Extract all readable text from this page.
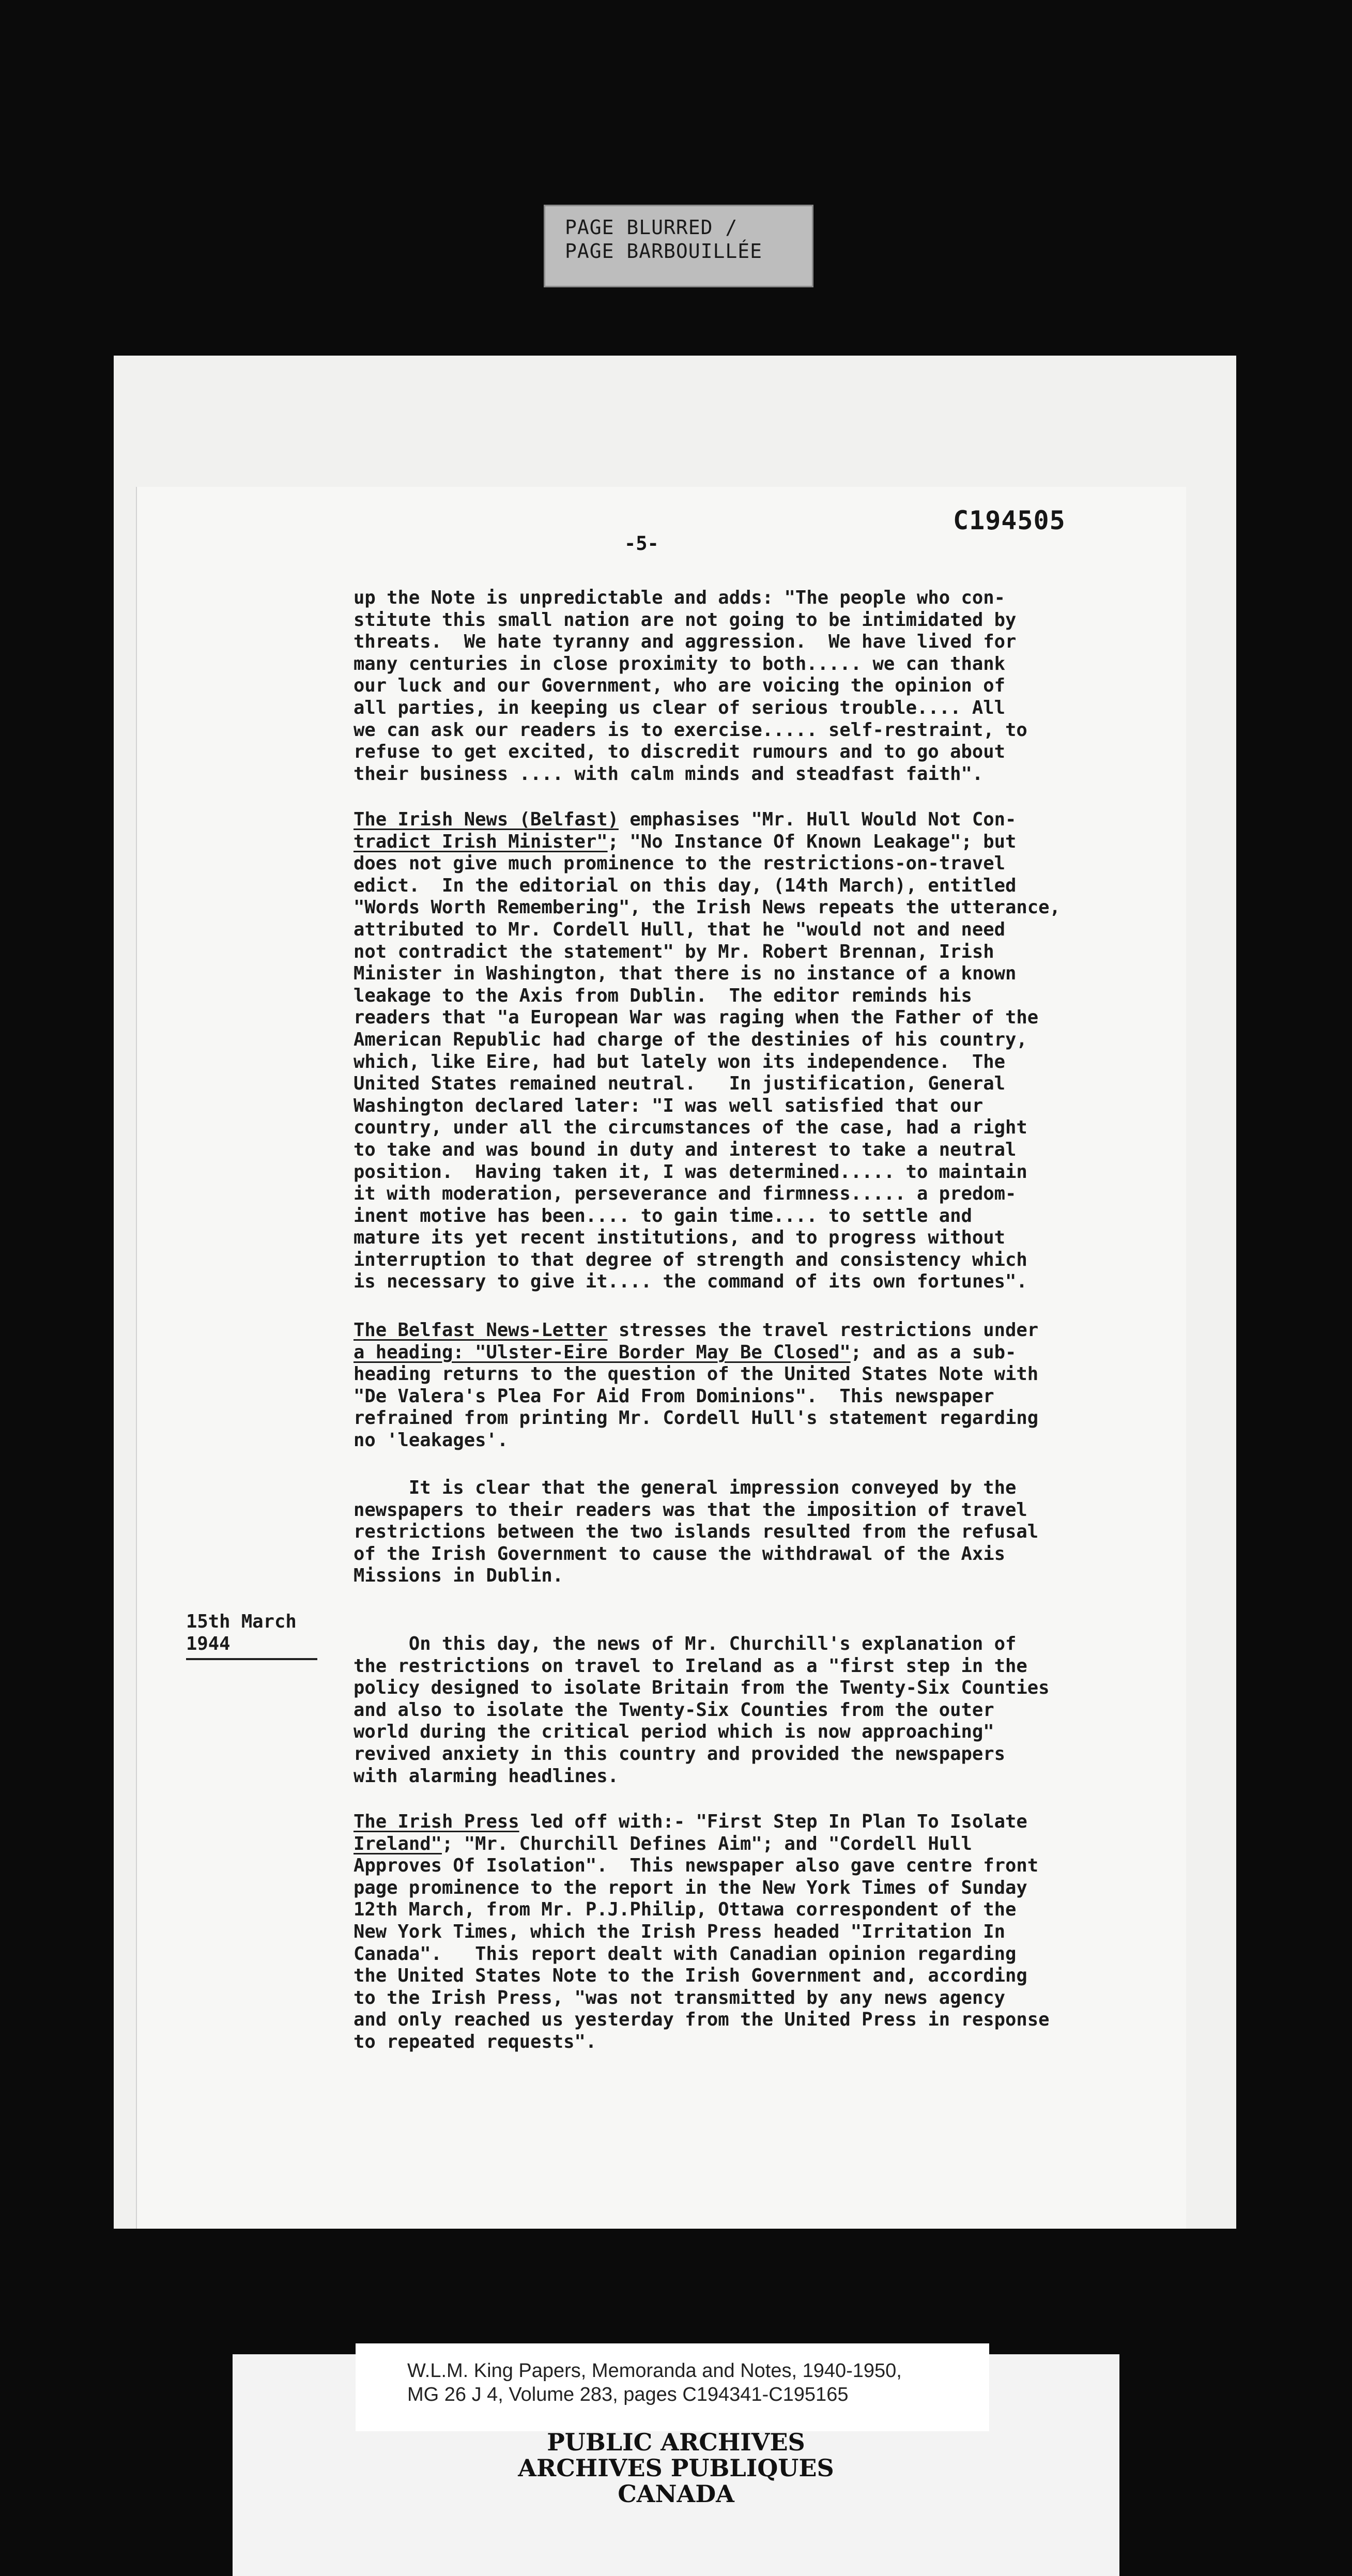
PAGE BLURRED /
PAGE BARBOUILLÉE
C194505
-5-
up the Note is unpredictable and adds: "The people who con-
stitute this small nation are not going to be intimidated by
threats.  We hate tyranny and aggression.  We have lived for
many centuries in close proximity to both..... we can thank
our luck and our Government, who are voicing the opinion of
all parties, in keeping us clear of serious trouble.... All
we can ask our readers is to exercise..... self-restraint, to
refuse to get excited, to discredit rumours and to go about
their business .... with calm minds and steadfast faith".
The Irish News (Belfast) emphasises "Mr. Hull Would Not Con-
tradict Irish Minister"; "No Instance Of Known Leakage"; but
does not give much prominence to the restrictions-on-travel
edict.  In the editorial on this day, (14th March), entitled
"Words Worth Remembering", the Irish News repeats the utterance,
attributed to Mr. Cordell Hull, that he "would not and need
not contradict the statement" by Mr. Robert Brennan, Irish
Minister in Washington, that there is no instance of a known
leakage to the Axis from Dublin.  The editor reminds his
readers that "a European War was raging when the Father of the
American Republic had charge of the destinies of his country,
which, like Eire, had but lately won its independence.  The
United States remained neutral.   In justification, General
Washington declared later: "I was well satisfied that our
country, under all the circumstances of the case, had a right
to take and was bound in duty and interest to take a neutral
position.  Having taken it, I was determined..... to maintain
it with moderation, perseverance and firmness..... a predom-
inent motive has been.... to gain time.... to settle and
mature its yet recent institutions, and to progress without
interruption to that degree of strength and consistency which
is necessary to give it.... the command of its own fortunes".
The Belfast News-Letter stresses the travel restrictions under
a heading: "Ulster-Eire Border May Be Closed"; and as a sub-
heading returns to the question of the United States Note with
"De Valera's Plea For Aid From Dominions".  This newspaper
refrained from printing Mr. Cordell Hull's statement regarding
no 'leakages'.
It is clear that the general impression conveyed by the
newspapers to their readers was that the imposition of travel
restrictions between the two islands resulted from the refusal
of the Irish Government to cause the withdrawal of the Axis
Missions in Dublin.
15th March
1944	On this day, the news of Mr. Churchill's explanation of
the restrictions on travel to Ireland as a "first step in the
policy designed to isolate Britain from the Twenty-Six Counties
and also to isolate the Twenty-Six Counties from the outer
world during the critical period which is now approaching"
revived anxiety in this country and provided the newspapers
with alarming headlines.
The Irish Press led off with:- "First Step In Plan To Isolate
Ireland"; "Mr. Churchill Defines Aim"; and "Cordell Hull
Approves Of Isolation".  This newspaper also gave centre front
page prominence to the report in the New York Times of Sunday
12th March, from Mr. P.J.Philip, Ottawa correspondent of the
New York Times, which the Irish Press headed "Irritation In
Canada".   This report dealt with Canadian opinion regarding
the United States Note to the Irish Government and, according
to the Irish Press, "was not transmitted by any news agency
and only reached us yesterday from the United Press in response
to repeated requests".
W.L.M. King Papers, Memoranda and Notes, 1940-1950,
MG 26 J 4, Volume 283, pages C194341-C195165
PUBLIC ARCHIVES
ARCHIVES PUBLIQUES
CANADA
